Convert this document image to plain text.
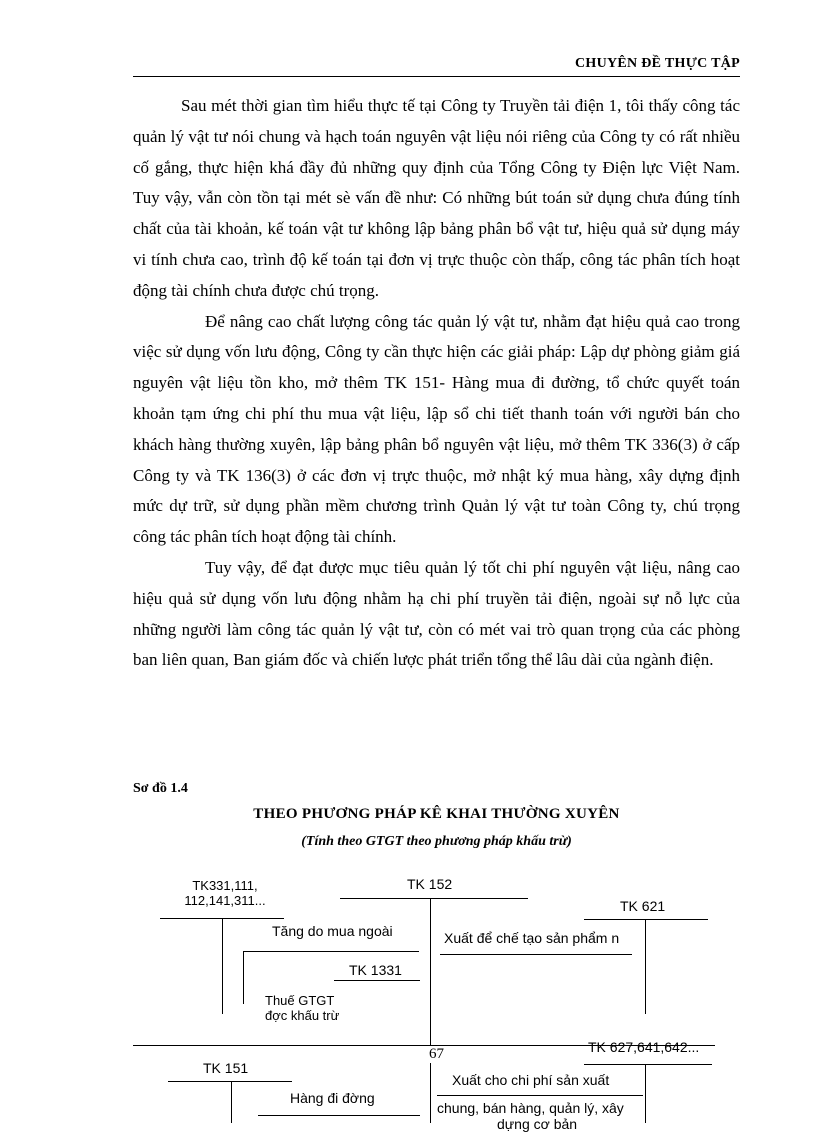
CHUYÊN ĐỀ THỰC TẬP

Sau mét thời gian tìm hiểu thực tế tại Công ty Truyền tải điện 1, tôi thấy công tác quản lý vật tư nói chung và hạch toán nguyên vật liệu nói riêng của Công ty có rất nhiều cố gắng, thực hiện khá đầy đủ những quy định của Tổng Công ty Điện lực Việt Nam. Tuy vậy, vẫn còn tồn tại mét sè vấn đề như: Có những bút toán sử dụng chưa đúng tính chất của tài khoản, kế toán vật tư không lập bảng phân bổ vật tư, hiệu quả sử dụng máy vi tính chưa cao, trình độ kế toán tại đơn vị trực thuộc còn thấp, công tác phân tích hoạt động tài chính chưa được chú trọng.

Để nâng cao chất lượng công tác quản lý vật tư, nhằm đạt hiệu quả cao trong việc sử dụng vốn lưu động, Công ty cần thực hiện các giải pháp: Lập dự phòng giảm giá nguyên vật liệu tồn kho, mở thêm TK 151- Hàng mua đi đường, tổ chức quyết toán khoản tạm ứng chi phí thu mua vật liệu, lập sổ chi tiết thanh toán với người bán cho khách hàng thường xuyên, lập bảng phân bổ nguyên vật liệu, mở thêm TK 336(3) ở cấp Công ty và TK 136(3) ở các đơn vị trực thuộc, mở nhật ký mua hàng, xây dựng định mức dự trữ, sử dụng phần mềm chương trình Quản lý vật tư toàn Công ty, chú trọng công tác phân tích hoạt động tài chính.

Tuy vậy, để đạt được mục tiêu quản lý tốt chi phí nguyên vật liệu, nâng cao hiệu quả sử dụng vốn lưu động nhằm hạ chi phí truyền tải điện, ngoài sự nỗ lực của những người làm công tác quản lý vật tư, còn có mét vai trò quan trọng của các phòng ban liên quan, Ban giám đốc và chiến lược phát triển tổng thể lâu dài của ngành điện.

Sơ đồ 1.4
THEO PHƯƠNG PHÁP KÊ KHAI THƯỜNG XUYÊN
(Tính theo GTGT theo phương pháp khấu trừ)
TK331,111, 112,141,311...
TK 152
TK 621
Tăng do mua ngoài
TK 1331
Thuế GTGT đợc khấu trừ
Xuất để chế tạo sản phẩm n
TK 627,641,642...
TK 151
Hàng đi đờng
Xuất cho chi phí sản xuất
chung, bán hàng, quản lý, xây
dựng cơ bản
67
